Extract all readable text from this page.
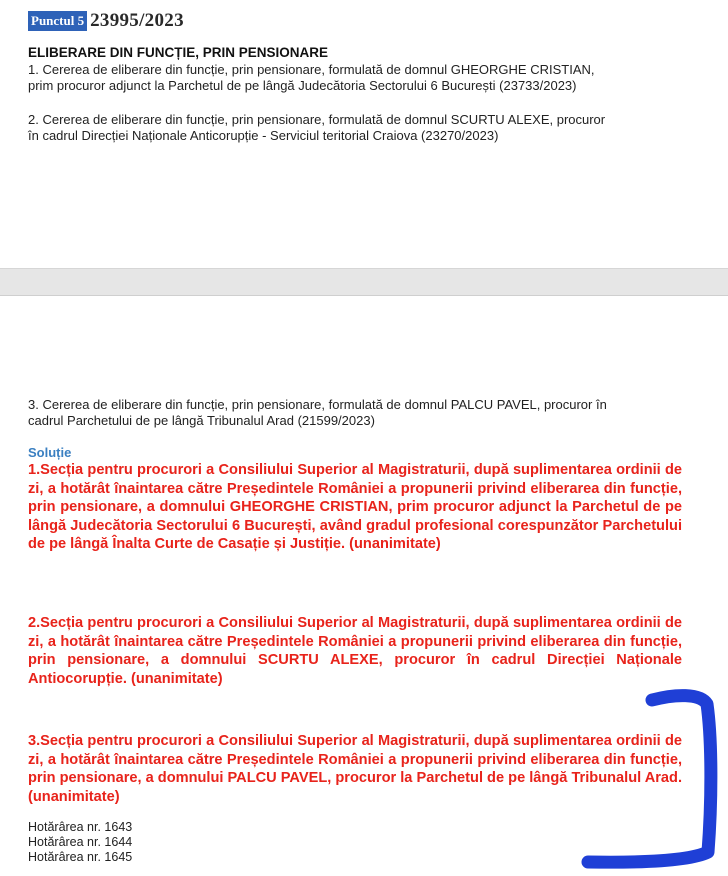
Punctul 5 23995/2023
ELIBERARE DIN FUNCȚIE, PRIN PENSIONARE
1. Cererea de eliberare din funcție, prin pensionare, formulată de domnul GHEORGHE CRISTIAN,
prim procuror adjunct la Parchetul de pe lângă Judecătoria Sectorului 6 București (23733/2023)
2. Cererea de eliberare din funcție, prin pensionare, formulată de domnul SCURTU ALEXE, procuror
în cadrul Direcției Naționale Anticorupție - Serviciul teritorial Craiova (23270/2023)
3. Cererea de eliberare din funcție, prin pensionare, formulată de domnul PALCU PAVEL, procuror în
cadrul Parchetului de pe lângă Tribunalul Arad (21599/2023)
Soluție
1.Secția pentru procurori a Consiliului Superior al Magistraturii, după suplimentarea ordinii de zi, a hotărât înaintarea către Președintele României a propunerii privind eliberarea din funcție, prin pensionare, a domnului GHEORGHE CRISTIAN, prim procuror adjunct la Parchetul de pe lângă Judecătoria Sectorului 6 București, având gradul profesional corespunzător Parchetului de pe lângă Înalta Curte de Casație și Justiție. (unanimitate)
2.Secția pentru procurori a Consiliului Superior al Magistraturii, după suplimentarea ordinii de zi, a hotărât înaintarea către Președintele României a propunerii privind eliberarea din funcție, prin pensionare, a domnului SCURTU ALEXE, procuror în cadrul Direcției Naționale Antiocorupție. (unanimitate)
3.Secția pentru procurori a Consiliului Superior al Magistraturii, după suplimentarea ordinii de zi, a hotărât înaintarea către Președintele României a propunerii privind eliberarea din funcție, prin pensionare, a domnului PALCU PAVEL, procuror la Parchetul de pe lângă Tribunalul Arad. (unanimitate)
Hotărârea nr. 1643
Hotărârea nr. 1644
Hotărârea nr. 1645
